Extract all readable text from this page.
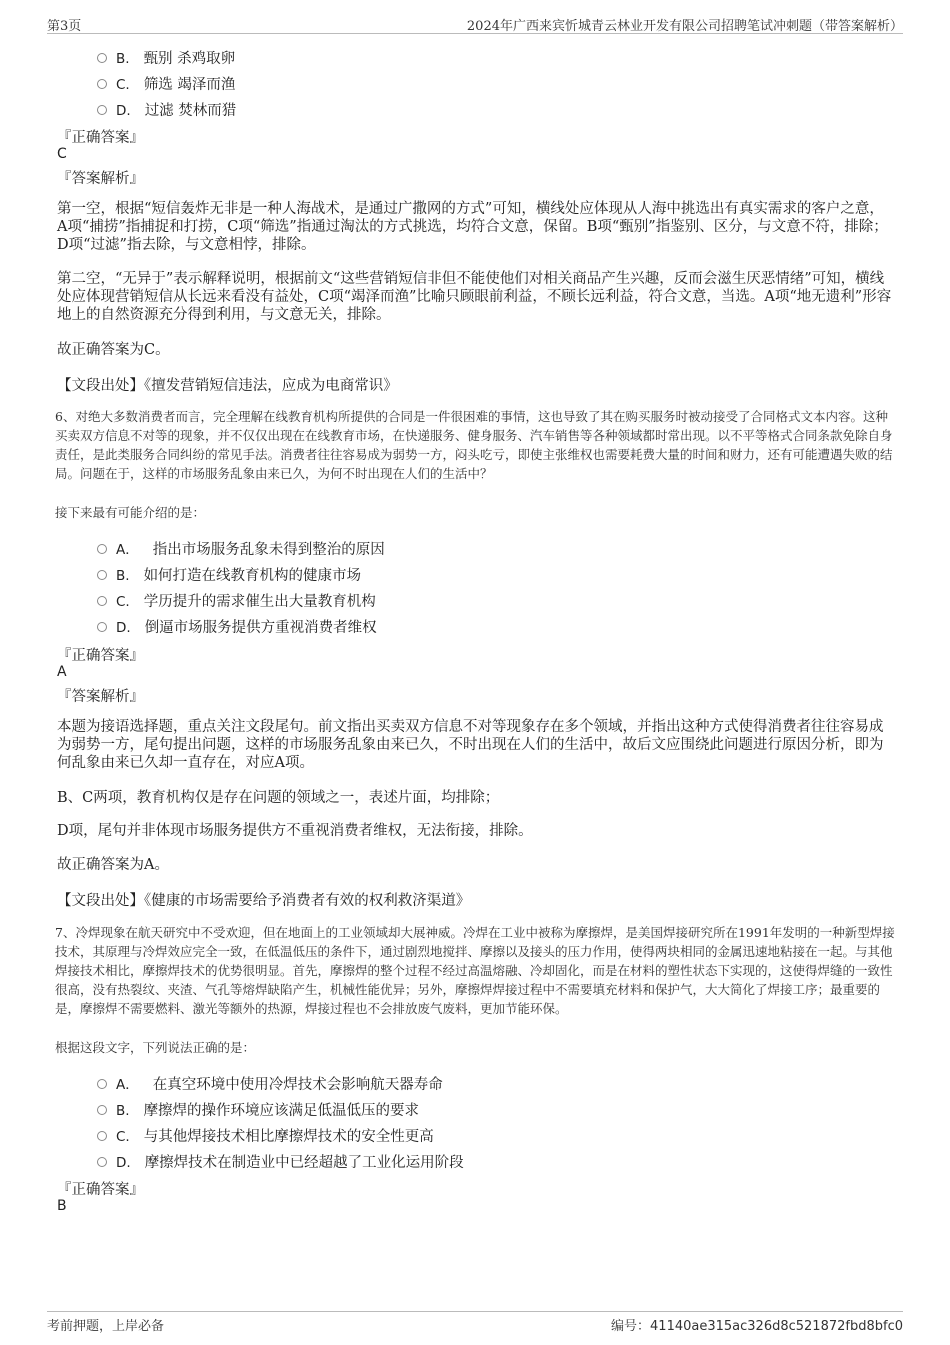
第3页	2024年广西来宾忻城青云林业开发有限公司招聘笔试冲刺题（带答案解析）
B. 甄别 杀鸡取卵
C. 筛选 竭泽而渔
D. 过滤 焚林而猎
『正确答案』
C
『答案解析』
第一空，根据“短信轰炸无非是一种人海战术，是通过广撒网的方式”可知，横线处应体现从人海中挑选出有真实需求的客户之意，A项“捕捞”指捕捉和打捞，C项“筛选”指通过淘汰的方式挑选，均符合文意，保留。B项“甄别”指鉴别、区分，与文意不符，排除；D项“过滤”指去除，与文意相悖，排除。
第二空，“无异于”表示解释说明，根据前文“这些营销短信非但不能使他们对相关商品产生兴趣，反而会滋生厌恶情绪”可知，横线处应体现营销短信从长远来看没有益处，C项“竭泽而渔”比喻只顾眼前利益，不顾长远利益，符合文意，当选。A项“地无遗利”形容地上的自然资源充分得到利用，与文意无关，排除。
故正确答案为C。
【文段出处】《擅发营销短信违法，应成为电商常识》
6、对绝大多数消费者而言，完全理解在线教育机构所提供的合同是一件很困难的事情，这也导致了其在购买服务时被动接受了合同格式文本内容。这种买卖双方信息不对等的现象，并不仅仅出现在在线教育市场，在快递服务、健身服务、汽车销售等各种领域都时常出现。以不平等格式合同条款免除自身责任，是此类服务合同纠纷的常见手法。消费者往往容易成为弱势一方，闷头吃亏，即使主张维权也需要耗费大量的时间和财力，还有可能遭遇失败的结局。问题在于，这样的市场服务乱象由来已久，为何不时出现在人们的生活中？
接下来最有可能介绍的是：
A． 指出市场服务乱象未得到整治的原因
B. 如何打造在线教育机构的健康市场
C. 学历提升的需求催生出大量教育机构
D. 倒逼市场服务提供方重视消费者维权
『正确答案』
A
『答案解析』
本题为接语选择题，重点关注文段尾句。前文指出买卖双方信息不对等现象存在多个领域，并指出这种方式使得消费者往往容易成为弱势一方，尾句提出问题，这样的市场服务乱象由来已久，不时出现在人们的生活中，故后文应围绕此问题进行原因分析，即为何乱象由来已久却一直存在，对应A项。
B、C两项，教育机构仅是存在问题的领域之一，表述片面，均排除；
D项，尾句并非体现市场服务提供方不重视消费者维权，无法衔接，排除。
故正确答案为A。
【文段出处】《健康的市场需要给予消费者有效的权利救济渠道》
7、冷焊现象在航天研究中不受欢迎，但在地面上的工业领域却大展神威。冷焊在工业中被称为摩擦焊，是美国焊接研究所在1991年发明的一种新型焊接技术，其原理与冷焊效应完全一致，在低温低压的条件下，通过剧烈地搅拌、摩擦以及接头的压力作用，使得两块相同的金属迅速地粘接在一起。与其他焊接技术相比，摩擦焊技术的优势很明显。首先，摩擦焊的整个过程不经过高温熔融、冷却固化，而是在材料的塑性状态下实现的，这使得焊缝的一致性很高，没有热裂纹、夹渣、气孔等熔焊缺陷产生，机械性能优异；另外，摩擦焊焊接过程中不需要填充材料和保护气，大大简化了焊接工序；最重要的是，摩擦焊不需要燃料、激光等额外的热源，焊接过程也不会排放废气废料，更加节能环保。
根据这段文字，下列说法正确的是：
A． 在真空环境中使用冷焊技术会影响航天器寿命
B. 摩擦焊的操作环境应该满足低温低压的要求
C. 与其他焊接技术相比摩擦焊技术的安全性更高
D. 摩擦焊技术在制造业中已经超越了工业化运用阶段
『正确答案』
B
考前押题，上岸必备	编号：41140ae315ac326d8c521872fbd8bfc0
